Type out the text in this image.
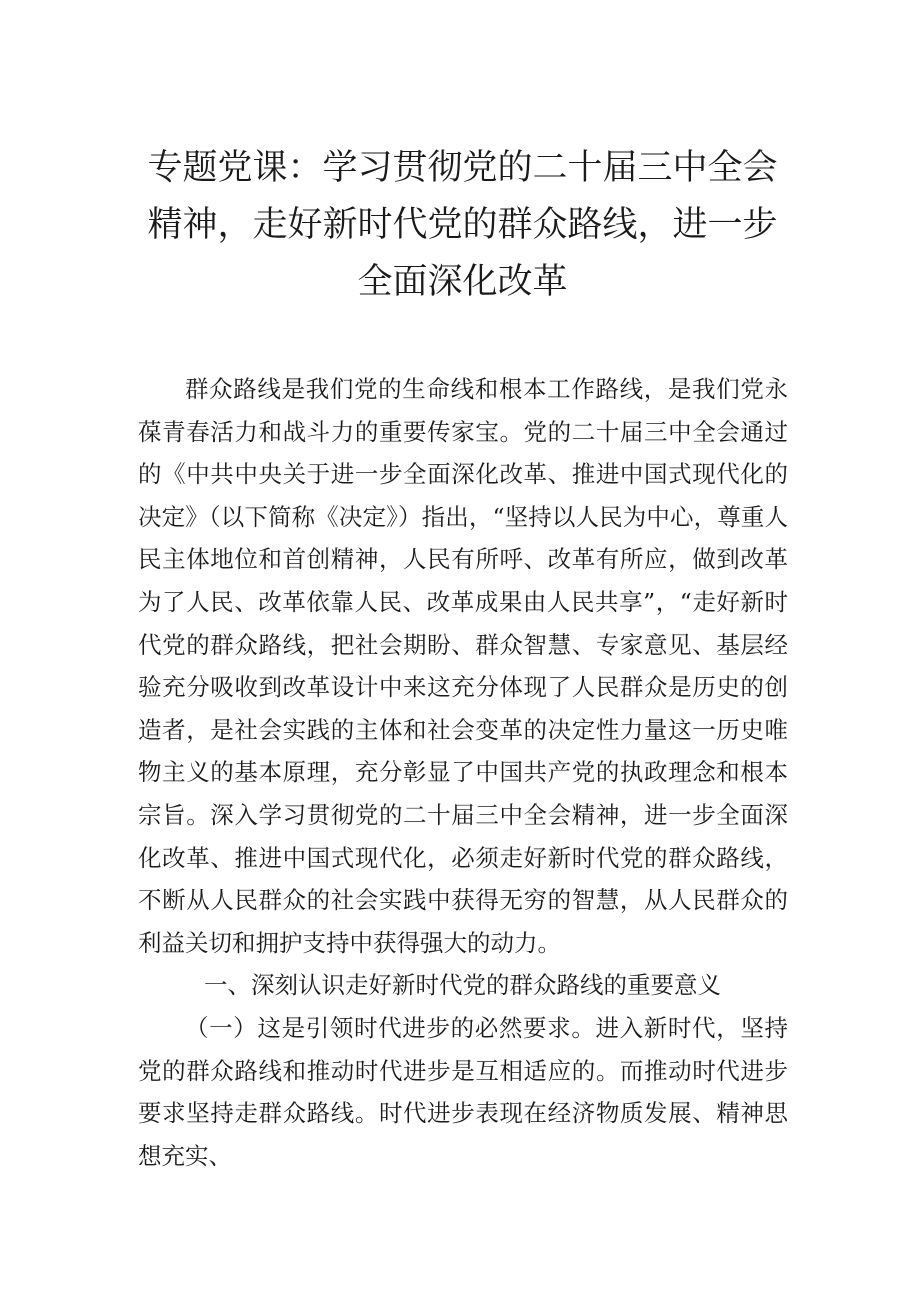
专题党课：学习贯彻党的二十届三中全会精神，走好新时代党的群众路线，进一步全面深化改革

群众路线是我们党的生命线和根本工作路线，是我们党永葆青春活力和战斗力的重要传家宝。党的二十届三中全会通过的《中共中央关于进一步全面深化改革、推进中国式现代化的决定》（以下简称《决定》）指出，“坚持以人民为中心，尊重人民主体地位和首创精神，人民有所呼、改革有所应，做到改革为了人民、改革依靠人民、改革成果由人民共享”，“走好新时代党的群众路线，把社会期盼、群众智慧、专家意见、基层经验充分吸收到改革设计中来这充分体现了人民群众是历史的创造者，是社会实践的主体和社会变革的决定性力量这一历史唯物主义的基本原理，充分彰显了中国共产党的执政理念和根本宗旨。深入学习贯彻党的二十届三中全会精神，进一步全面深化改革、推进中国式现代化，必须走好新时代党的群众路线，不断从人民群众的社会实践中获得无穷的智慧，从人民群众的利益关切和拥护支持中获得强大的动力。

一、深刻认识走好新时代党的群众路线的重要意义

（一）这是引领时代进步的必然要求。进入新时代，坚持党的群众路线和推动时代进步是互相适应的。而推动时代进步要求坚持走群众路线。时代进步表现在经济物质发展、精神思想充实、
